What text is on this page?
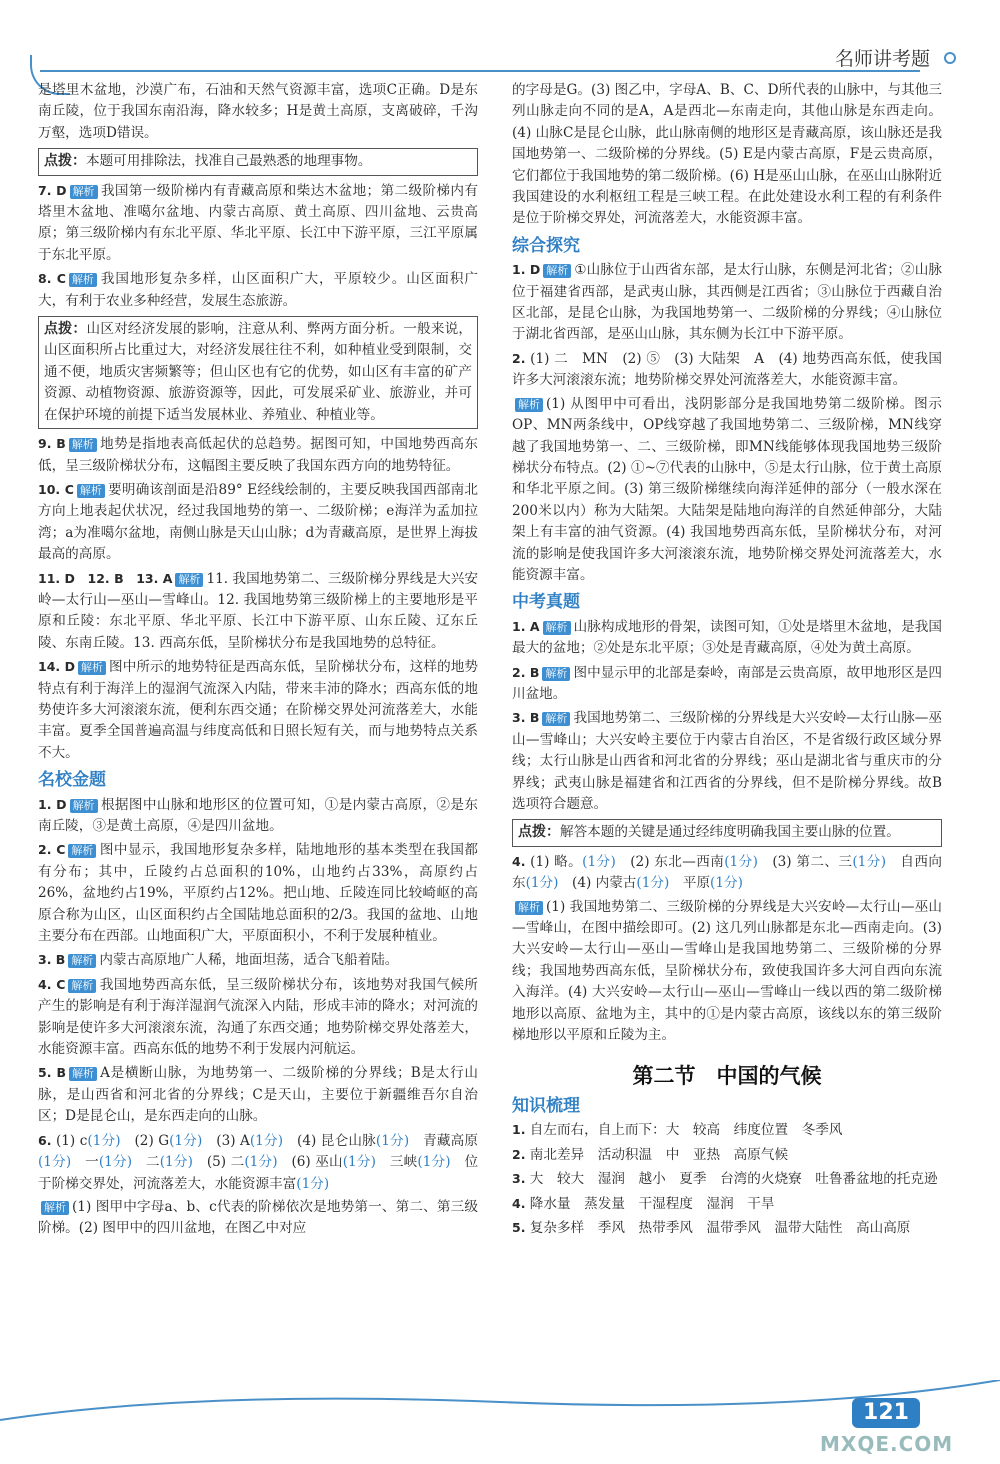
名师讲考题
是塔里木盆地，沙漠广布，石油和天然气资源丰富，选项C正确。D是东南丘陵，位于我国东南沿海，降水较多；H是黄土高原，支离破碎，千沟万壑，选项D错误。
点拨：本题可用排除法，找准自己最熟悉的地理事物。
7. D 解析 我国第一级阶梯内有青藏高原和柴达木盆地；第二级阶梯内有塔里木盆地、准噶尔盆地、内蒙古高原、黄土高原、四川盆地、云贵高原；第三级阶梯内有东北平原、华北平原、长江中下游平原，三江平原属于东北平原。
8. C 解析 我国地形复杂多样，山区面积广大，平原较少。山区面积广大，有利于农业多种经营，发展生态旅游。
点拨：山区对经济发展的影响，注意从利、弊两方面分析。一般来说，山区面积所占比重过大，对经济发展往往不利，如种植业受到限制，交通不便，地质灾害频繁等；但山区也有它的优势，如山区有丰富的矿产资源、动植物资源、旅游资源等，因此，可发展采矿业、旅游业，并可在保护环境的前提下适当发展林业、养殖业、种植业等。
9. B 解析 地势是指地表高低起伏的总趋势。据图可知，中国地势西高东低，呈三级阶梯状分布，这幅图主要反映了我国东西方向的地势特征。
10. C 解析 要明确该剖面是沿89° E经线绘制的，主要反映我国西部南北方向上地表起伏状况，经过我国地势的第一、二级阶梯；e海洋为孟加拉湾；a为准噶尔盆地，南侧山脉是天山山脉；d为青藏高原，是世界上海拔最高的高原。
11. D　12. B　13. A 解析 11. 我国地势第二、三级阶梯分界线是大兴安岭—太行山—巫山—雪峰山。12. 我国地势第三级阶梯上的主要地形是平原和丘陵：东北平原、华北平原、长江中下游平原、山东丘陵、辽东丘陵、东南丘陵。13. 西高东低，呈阶梯状分布是我国地势的总特征。
14. D 解析 图中所示的地势特征是西高东低，呈阶梯状分布，这样的地势特点有利于海洋上的湿润气流深入内陆，带来丰沛的降水；西高东低的地势使许多大河滚滚东流，便利东西交通；在阶梯交界处河流落差大，水能丰富。夏季全国普遍高温与纬度高低和日照长短有关，而与地势特点关系不大。
名校金题
1. D 解析 根据图中山脉和地形区的位置可知，①是内蒙古高原，②是东南丘陵，③是黄土高原，④是四川盆地。
2. C 解析 图中显示，我国地形复杂多样，陆地地形的基本类型在我国都有分布；其中，丘陵约占总面积的10%，山地约占33%，高原约占26%，盆地约占19%，平原约占12%。把山地、丘陵连同比较崎岖的高原合称为山区，山区面积约占全国陆地总面积的2/3。我国的盆地、山地主要分布在西部。山地面积广大，平原面积小，不利于发展种植业。
3. B 解析 内蒙古高原地广人稀，地面坦荡，适合飞船着陆。
4. C 解析 我国地势西高东低，呈三级阶梯状分布，该地势对我国气候所产生的影响是有利于海洋湿润气流深入内陆，形成丰沛的降水；对河流的影响是使许多大河滚滚东流，沟通了东西交通；地势阶梯交界处落差大，水能资源丰富。西高东低的地势不利于发展内河航运。
5. B 解析 A是横断山脉，为地势第一、二级阶梯的分界线；B是太行山脉，是山西省和河北省的分界线；C是天山，主要位于新疆维吾尔自治区；D是昆仑山，是东西走向的山脉。
6. (1) c(1分)　(2) G(1分)　(3) A(1分)　(4) 昆仑山脉(1分)　青藏高原(1分)　一(1分)　二(1分)　(5) 二(1分)　(6) 巫山(1分)　三峡(1分)　位于阶梯交界处，河流落差大，水能资源丰富(1分)
解析 (1) 图甲中字母a、b、c代表的阶梯依次是地势第一、第二、第三级阶梯。(2) 图甲中的四川盆地，在图乙中对应
的字母是G。(3) 图乙中，字母A、B、C、D所代表的山脉中，与其他三列山脉走向不同的是A，A是西北—东南走向，其他山脉是东西走向。(4) 山脉C是昆仑山脉，此山脉南侧的地形区是青藏高原，该山脉还是我国地势第一、二级阶梯的分界线。(5) E是内蒙古高原，F是云贵高原，它们都位于我国地势的第二级阶梯。(6) H是巫山山脉，在巫山山脉附近我国建设的水利枢纽工程是三峡工程。在此处建设水利工程的有利条件是位于阶梯交界处，河流落差大，水能资源丰富。
综合探究
1. D 解析 ①山脉位于山西省东部，是太行山脉，东侧是河北省；②山脉位于福建省西部，是武夷山脉，其西侧是江西省；③山脉位于西藏自治区北部，是昆仑山脉，为我国地势第一、二级阶梯的分界线；④山脉位于湖北省西部，是巫山山脉，其东侧为长江中下游平原。
2. (1) 二　MN　(2) ⑤　(3) 大陆架　A　(4) 地势西高东低，使我国许多大河滚滚东流；地势阶梯交界处河流落差大，水能资源丰富。
解析 (1) 从图甲中可看出，浅阴影部分是我国地势第二级阶梯。图示OP、MN两条线中，OP线穿越了我国地势第二、三级阶梯，MN线穿越了我国地势第一、二、三级阶梯，即MN线能够体现我国地势三级阶梯状分布特点。(2) ①~⑦代表的山脉中，⑤是太行山脉，位于黄土高原和华北平原之间。(3) 第三级阶梯继续向海洋延伸的部分（一般水深在200米以内）称为大陆架。大陆架是陆地向海洋的自然延伸部分，大陆架上有丰富的油气资源。(4) 我国地势西高东低，呈阶梯状分布，对河流的影响是使我国许多大河滚滚东流，地势阶梯交界处河流落差大，水能资源丰富。
中考真题
1. A 解析 山脉构成地形的骨架，读图可知，①处是塔里木盆地，是我国最大的盆地；②处是东北平原；③处是青藏高原，④处为黄土高原。
2. B 解析 图中显示甲的北部是秦岭，南部是云贵高原，故甲地形区是四川盆地。
3. B 解析 我国地势第二、三级阶梯的分界线是大兴安岭—太行山脉—巫山—雪峰山；大兴安岭主要位于内蒙古自治区，不是省级行政区域分界线；太行山脉是山西省和河北省的分界线；巫山是湖北省与重庆市的分界线；武夷山脉是福建省和江西省的分界线，但不是阶梯分界线。故B选项符合题意。
点拨：解答本题的关键是通过经纬度明确我国主要山脉的位置。
4. (1) 略。(1分)　(2) 东北—西南(1分)　(3) 第二、三(1分)　自西向东(1分)　(4) 内蒙古(1分)　平原(1分)
解析 (1) 我国地势第二、三级阶梯的分界线是大兴安岭—太行山—巫山—雪峰山，在图中描绘即可。(2) 这几列山脉都是东北—西南走向。(3) 大兴安岭—太行山—巫山—雪峰山是我国地势第二、三级阶梯的分界线；我国地势西高东低，呈阶梯状分布，致使我国许多大河自西向东流入海洋。(4) 大兴安岭—太行山—巫山—雪峰山一线以西的第二级阶梯地形以高原、盆地为主，其中的①是内蒙古高原，该线以东的第三级阶梯地形以平原和丘陵为主。
第二节　中国的气候
知识梳理
1. 自左而右，自上而下：大　较高　纬度位置　冬季风
2. 南北差异　活动积温　中　亚热　高原气候
3. 大　较大　湿润　越小　夏季　台湾的火烧寮　吐鲁番盆地的托克逊
4. 降水量　蒸发量　干湿程度　湿润　干旱
5. 复杂多样　季风　热带季风　温带季风　温带大陆性　高山高原
121
MXQE.COM
